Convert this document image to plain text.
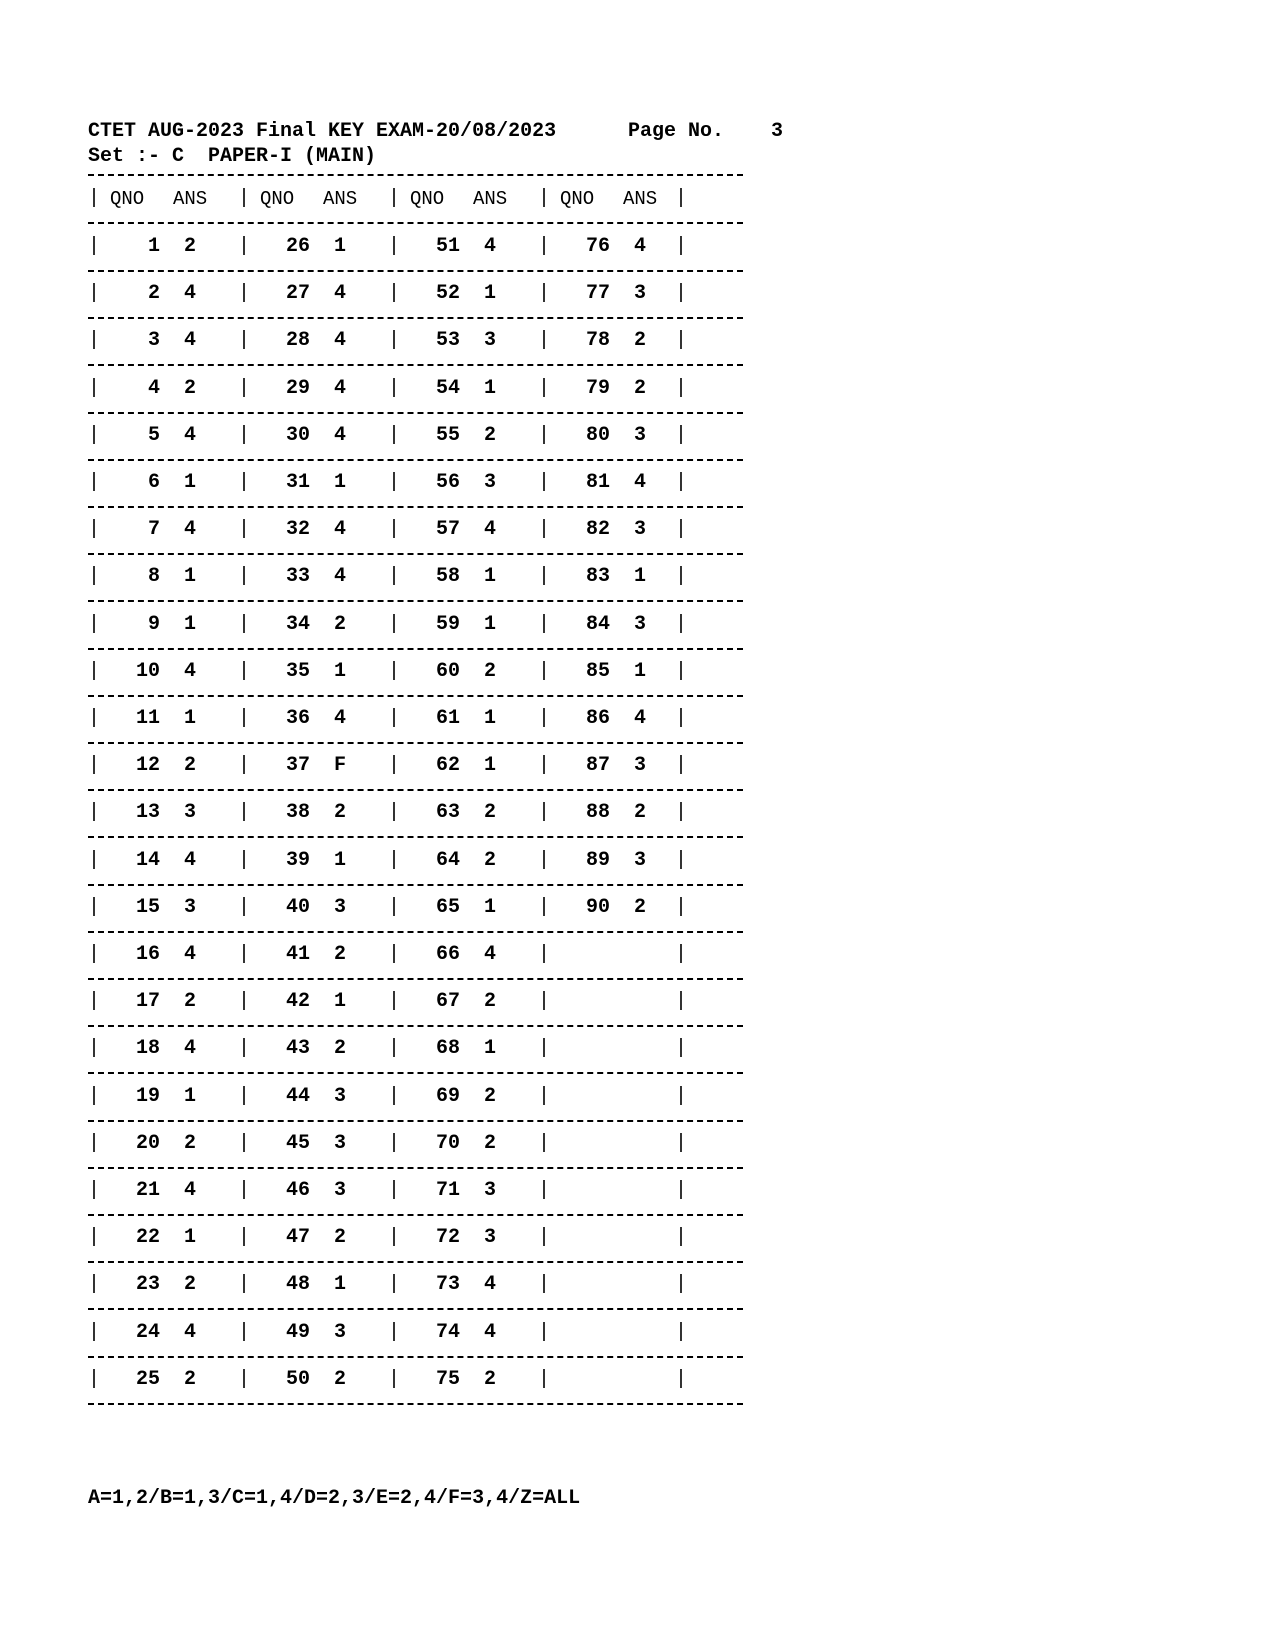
CTET AUG-2023 Final KEY EXAM-20/08/2023	Page No. 3
Set :- C  PAPER-I (MAIN)
|	|	|	|	|
QNO ANS	QNO ANS	QNO ANS	QNO ANS
|	|	|	|	|
1 2	26 1	51 4	76 4
|	|	|	|	|
2 4	27 4	52 1	77 3
|	|	|	|	|
3 4	28 4	53 3	78 2
|	|	|	|	|
4 2	29 4	54 1	79 2
|	|	|	|	|
5 4	30 4	55 2	80 3
|	|	|	|	|
6 1	31 1	56 3	81 4
|	|	|	|	|
7 4	32 4	57 4	82 3
|	|	|	|	|
8 1	33 4	58 1	83 1
|	|	|	|	|
9 1	34 2	59 1	84 3
|	|	|	|	|
10 4	35 1	60 2	85 1
|	|	|	|	|
11 1	36 4	61 1	86 4
|	|	|	|	|
12 2	37 F	62 1	87 3
|	|	|	|	|
13 3	38 2	63 2	88 2
|	|	|	|	|
14 4	39 1	64 2	89 3
|	|	|	|	|
15 3	40 3	65 1	90 2
|	|	|	|	|
16 4	41 2	66 4
|	|	|	|	|
17 2	42 1	67 2
|	|	|	|	|
18 4	43 2	68 1
|	|	|	|	|
19 1	44 3	69 2
|	|	|	|	|
20 2	45 3	70 2
|	|	|	|	|
21 4	46 3	71 3
|	|	|	|	|
22 1	47 2	72 3
|	|	|	|	|
23 2	48 1	73 4
|	|	|	|	|
24 4	49 3	74 4
|	|	|	|	|
25 2	50 2	75 2
A=1,2/B=1,3/C=1,4/D=2,3/E=2,4/F=3,4/Z=ALL
